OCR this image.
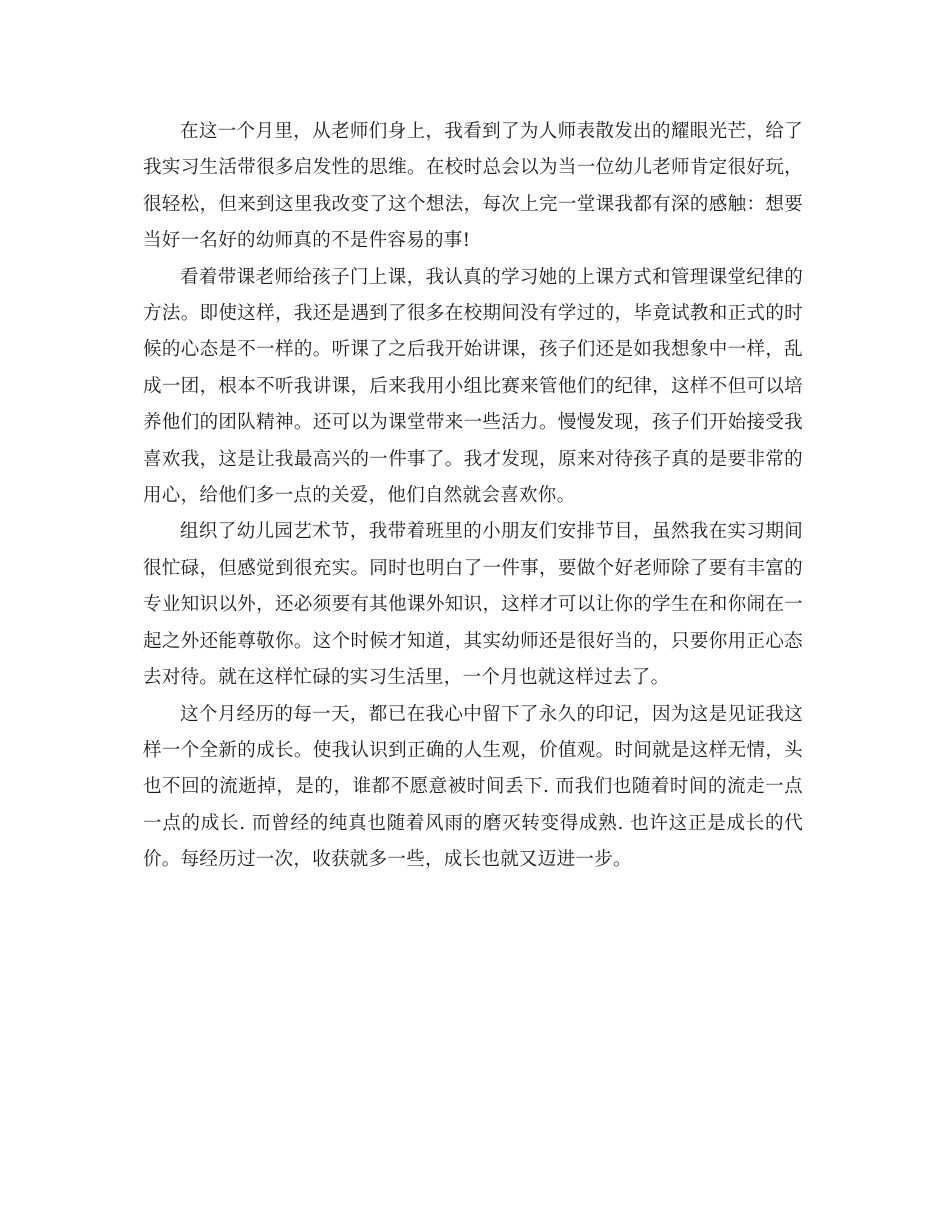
在这一个月里，从老师们身上，我看到了为人师表散发出的耀眼光芒，给了我实习生活带很多启发性的思维。在校时总会以为当一位幼儿老师肯定很好玩，很轻松，但来到这里我改变了这个想法，每次上完一堂课我都有深的感触：想要当好一名好的幼师真的不是件容易的事!

看着带课老师给孩子门上课，我认真的学习她的上课方式和管理课堂纪律的方法。即使这样，我还是遇到了很多在校期间没有学过的，毕竟试教和正式的时候的心态是不一样的。听课了之后我开始讲课，孩子们还是如我想象中一样，乱成一团，根本不听我讲课，后来我用小组比赛来管他们的纪律，这样不但可以培养他们的团队精神。还可以为课堂带来一些活力。慢慢发现，孩子们开始接受我喜欢我，这是让我最高兴的一件事了。我才发现，原来对待孩子真的是要非常的用心，给他们多一点的关爱，他们自然就会喜欢你。

组织了幼儿园艺术节，我带着班里的小朋友们安排节目，虽然我在实习期间很忙碌，但感觉到很充实。同时也明白了一件事，要做个好老师除了要有丰富的专业知识以外，还必须要有其他课外知识，这样才可以让你的学生在和你闹在一起之外还能尊敬你。这个时候才知道，其实幼师还是很好当的，只要你用正心态去对待。就在这样忙碌的实习生活里，一个月也就这样过去了。

这个月经历的每一天，都已在我心中留下了永久的印记，因为这是见证我这样一个全新的成长。使我认识到正确的人生观，价值观。时间就是这样无情，头也不回的流逝掉，是的，谁都不愿意被时间丢下. 而我们也随着时间的流走一点一点的成长. 而曾经的纯真也随着风雨的磨灭转变得成熟. 也许这正是成长的代价。每经历过一次，收获就多一些，成长也就又迈进一步。
